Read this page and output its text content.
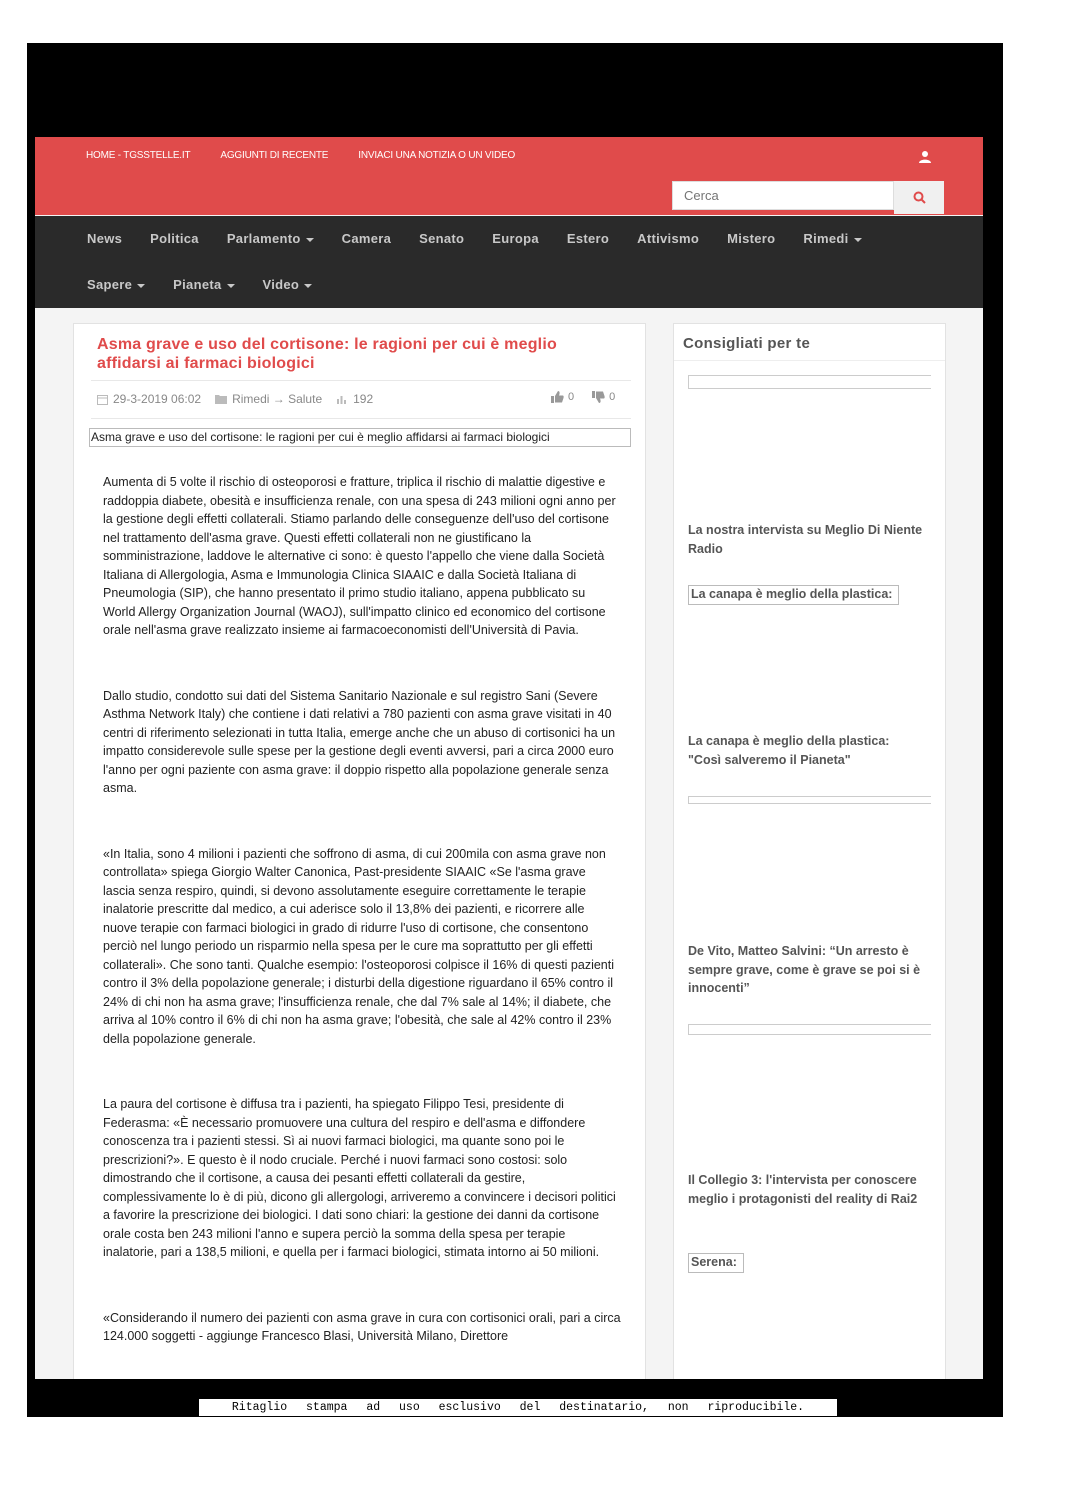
HOME - TGSSTELLE.IT	AGGIUNTI DI RECENTE	INVIACI UNA NOTIZIA O UN VIDEO
Cerca
News Politica Parlamento	Camera Senato Europa Estero Attivismo Mistero Rimedi
Sapere	Pianeta	Video
Asma grave e uso del cortisone: le ragioni per cui è meglio affidarsi ai farmaci biologici
29-3-2019 06:02	Rimedi → Salute	192	0	0
Asma grave e uso del cortisone: le ragioni per cui è meglio affidarsi ai farmaci biologici

Aumenta di 5 volte il rischio di osteoporosi e fratture, triplica il rischio di malattie digestive e raddoppia diabete, obesità e insufficienza renale, con una spesa di 243 milioni ogni anno per la gestione degli effetti collaterali. Stiamo parlando delle conseguenze dell'uso del cortisone nel trattamento dell'asma grave. Questi effetti collaterali non ne giustificano la somministrazione, laddove le alternative ci sono: è questo l'appello che viene dalla Società Italiana di Allergologia, Asma e Immunologia Clinica SIAAIC e dalla Società Italiana di Pneumologia (SIP), che hanno presentato il primo studio italiano, appena pubblicato su World Allergy Organization Journal (WAOJ), sull'impatto clinico ed economico del cortisone orale nell'asma grave realizzato insieme ai farmacoeconomisti dell'Università di Pavia.

Dallo studio, condotto sui dati del Sistema Sanitario Nazionale e sul registro Sani (Severe Asthma Network Italy) che contiene i dati relativi a 780 pazienti con asma grave visitati in 40 centri di riferimento selezionati in tutta Italia, emerge anche che un abuso di cortisonici ha un impatto considerevole sulle spese per la gestione degli eventi avversi, pari a circa 2000 euro l'anno per ogni paziente con asma grave: il doppio rispetto alla popolazione generale senza asma.

«In Italia, sono 4 milioni i pazienti che soffrono di asma, di cui 200mila con asma grave non controllata» spiega Giorgio Walter Canonica, Past-presidente SIAAIC «Se l'asma grave lascia senza respiro, quindi, si devono assolutamente eseguire correttamente le terapie inalatorie prescritte dal medico, a cui aderisce solo il 13,8% dei pazienti, e ricorrere alle nuove terapie con farmaci biologici in grado di ridurre l'uso di cortisone, che consentono perciò nel lungo periodo un risparmio nella spesa per le cure ma soprattutto per gli effetti collaterali». Che sono tanti. Qualche esempio: l'osteoporosi colpisce il 16% di questi pazienti contro il 3% della popolazione generale; i disturbi della digestione riguardano il 65% contro il 24% di chi non ha asma grave; l'insufficienza renale, che dal 7% sale al 14%; il diabete, che arriva al 10% contro il 6% di chi non ha asma grave; l'obesità, che sale al 42% contro il 23% della popolazione generale.

La paura del cortisone è diffusa tra i pazienti, ha spiegato Filippo Tesi, presidente di Federasma: «È necessario promuovere una cultura del respiro e dell'asma e diffondere conoscenza tra i pazienti stessi. Sì ai nuovi farmaci biologici, ma quante sono poi le prescrizioni?». E questo è il nodo cruciale. Perché i nuovi farmaci sono costosi: solo dimostrando che il cortisone, a causa dei pesanti effetti collaterali da gestire, complessivamente lo è di più, dicono gli allergologi, arriveremo a convincere i decisori politici a favorire la prescrizione dei biologici. I dati sono chiari: la gestione dei danni da cortisone orale costa ben 243 milioni l'anno e supera perciò la somma della spesa per terapie inalatorie, pari a 138,5 milioni, e quella per i farmaci biologici, stimata intorno ai 50 milioni.

«Considerando il numero dei pazienti con asma grave in cura con cortisonici orali, pari a circa 124.000 soggetti - aggiunge Francesco Blasi, Università Milano, Direttore

Consigliati per te
La nostra intervista su Meglio Di Niente Radio
La canapa è meglio della plastica:
La canapa è meglio della plastica: "Così salveremo il Pianeta"
De Vito, Matteo Salvini: “Un arresto è sempre grave, come è grave se poi si è innocenti”
Il Collegio 3: l'intervista per conoscere meglio i protagonisti del reality di Rai2
Serena:
Ritaglio stampa ad uso esclusivo del destinatario, non riproducibile.
